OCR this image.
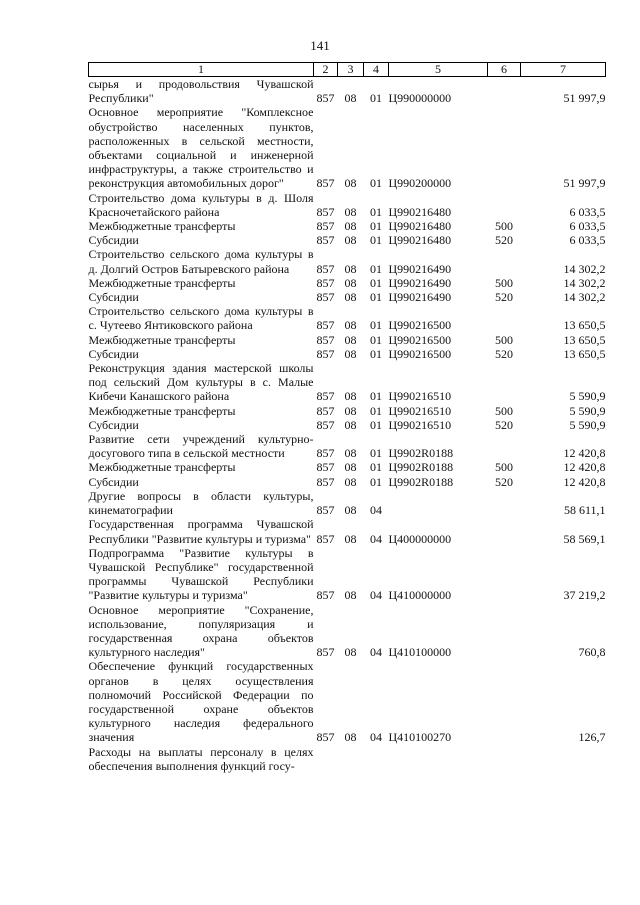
141
1	2	3	4	5	6	7
сырья и продовольствия Чувашской Республики"	857	08	01	Ц990000000		51 997,9
Основное мероприятие "Комплексное обустройство населенных пунктов, расположенных в сельской местности, объектами социальной и инженерной инфраструктуры, а также строительство и реконструкция автомобильных дорог"	857	08	01	Ц990200000		51 997,9
Строительство дома культуры в д. Шоля Красночетайского района	857	08	01	Ц990216480		6 033,5
Межбюджетные трансферты	857	08	01	Ц990216480	500	6 033,5
Субсидии	857	08	01	Ц990216480	520	6 033,5
Строительство сельского дома культуры в д. Долгий Остров Батыревского района	857	08	01	Ц990216490		14 302,2
Межбюджетные трансферты	857	08	01	Ц990216490	500	14 302,2
Субсидии	857	08	01	Ц990216490	520	14 302,2
Строительство сельского дома культуры в с. Чутеево Янтиковского района	857	08	01	Ц990216500		13 650,5
Межбюджетные трансферты	857	08	01	Ц990216500	500	13 650,5
Субсидии	857	08	01	Ц990216500	520	13 650,5
Реконструкция здания мастерской школы под сельский Дом культуры в с. Малые Кибечи Канашского района	857	08	01	Ц990216510		5 590,9
Межбюджетные трансферты	857	08	01	Ц990216510	500	5 590,9
Субсидии	857	08	01	Ц990216510	520	5 590,9
Развитие сети учреждений культурно-досугового типа в сельской местности	857	08	01	Ц9902R0188		12 420,8
Межбюджетные трансферты	857	08	01	Ц9902R0188	500	12 420,8
Субсидии	857	08	01	Ц9902R0188	520	12 420,8
Другие вопросы в области культуры, кинематографии	857	08	04			58 611,1
Государственная программа Чувашской Республики "Развитие культуры и туризма"	857	08	04	Ц400000000		58 569,1
Подпрограмма "Развитие культуры в Чувашской Республике" государственной программы Чувашской Республики "Развитие культуры и туризма"	857	08	04	Ц410000000		37 219,2
Основное мероприятие "Сохранение, использование, популяризация и государственная охрана объектов культурного наследия"	857	08	04	Ц410100000		760,8
Обеспечение функций государственных органов в целях осуществления полномочий Российской Федерации по государственной охране объектов культурного наследия федерального значения	857	08	04	Ц410100270		126,7
Расходы на выплаты персоналу в целях обеспечения выполнения функций госу-						
